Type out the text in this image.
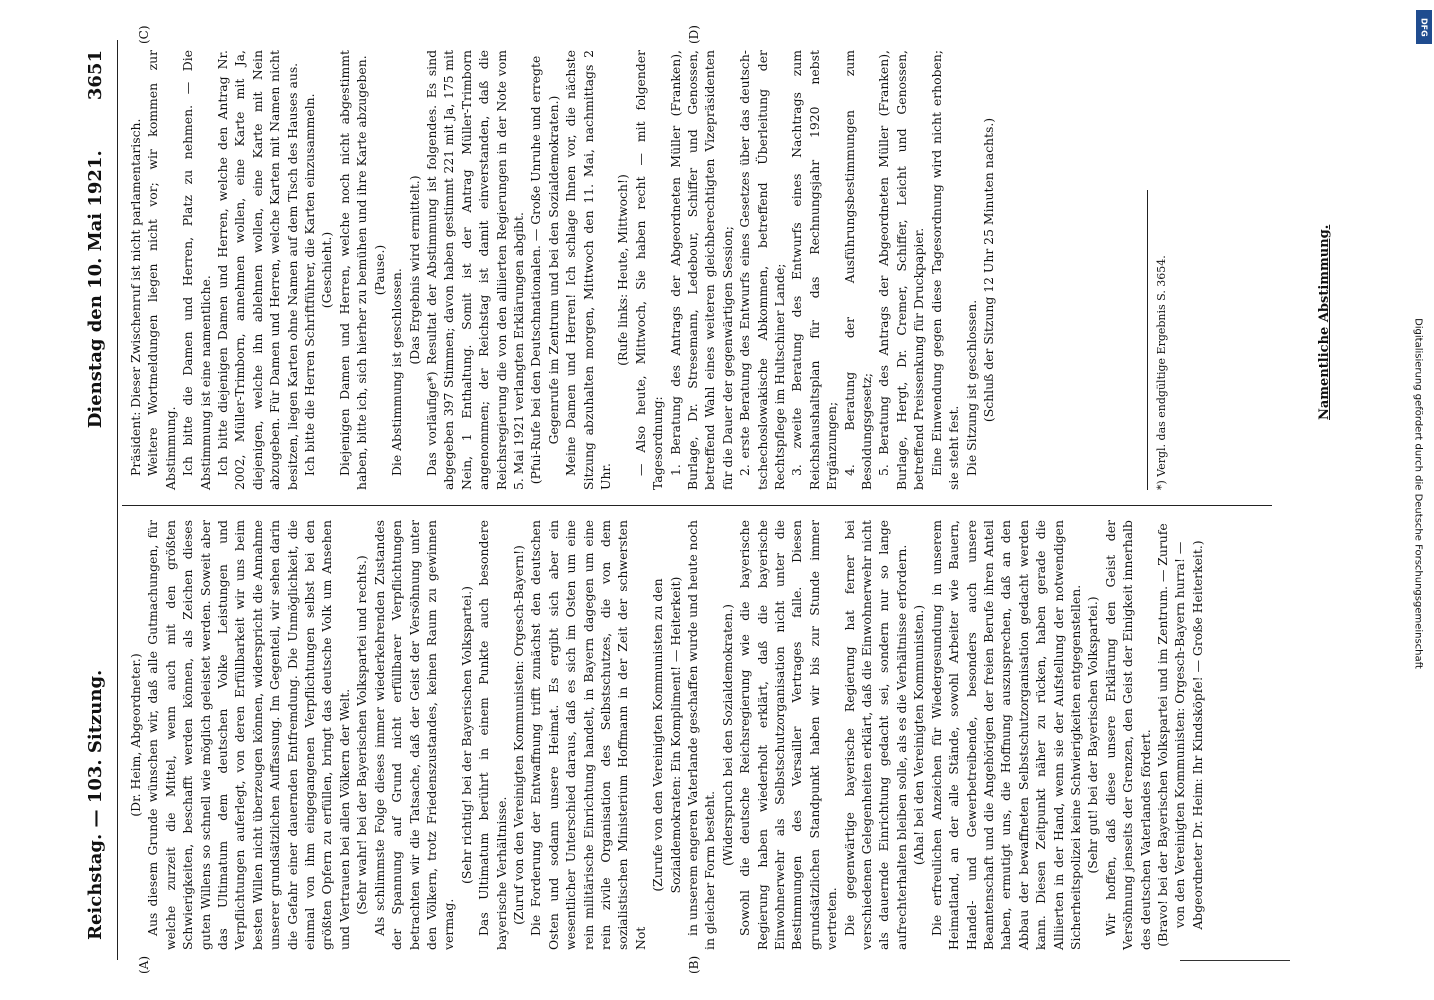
Reichstag. — 103. Sitzung.
Dienstag den 10. Mai 1921.        3651
(A)	(B)
(C)	(D)

(Dr. Heim, Abgeordneter.) Aus diesem Grunde wünschen wir, daß alle Gutmachungen, für welche zurzeit die Mittel, wenn auch mit den größten Schwierigkeiten, beschafft werden können, als Zeichen dieses guten Willens so schnell wie möglich geleistet werden. Soweit aber das Ultimatum dem deutschen Volke Leistungen und Verpflichtungen auferlegt, von deren Erfüllbarkeit wir uns beim besten Willen nicht überzeugen können, widerspricht die Annahme unserer grundsätzlichen Auffassung. Im Gegenteil, wir sehen darin die Gefahr einer dauernden Entfremdung. Die Unmöglichkeit, die einmal von ihm eingegangenen Verpflichtungen selbst bei den größten Opfern zu erfüllen, bringt das deutsche Volk um Ansehen und Vertrauen bei allen Völkern der Welt. (Sehr wahr! bei der Bayerischen Volkspartei und rechts.) Als schlimmste Folge dieses immer wiederkehrenden Zustandes der Spannung auf Grund nicht erfüllbarer Verpflichtungen betrachten wir die Tatsache, daß der Geist der Versöhnung unter den Völkern, trotz Friedenszustandes, keinen Raum zu gewinnen vermag.

(Sehr richtig! bei der Bayerischen Volkspartei.) Das Ultimatum berührt in einem Punkte auch besondere bayerische Verhältnisse. (Zuruf von den Vereinigten Kommunisten: Orgesch-Bayern!) Die Forderung der Entwaffnung trifft zunächst den deutschen Osten und sodann unsere Heimat. Es ergibt sich aber ein wesentlicher Unterschied daraus, daß es sich im Osten um eine rein militärische Einrichtung handelt, in Bayern dagegen um eine rein zivile Organisation des Selbstschutzes, die von dem sozialistischen Ministerium Hoffmann in der Zeit der schwersten Not

(Zurufe von den Vereinigten Kommunisten zu den Sozialdemokraten: Ein Kompliment! — Heiterkeit) in unserem engeren Vaterlande geschaffen wurde und heute noch in gleicher Form besteht.

(Widerspruch bei den Sozialdemokraten.) Sowohl die deutsche Reichsregierung wie die bayerische Regierung haben wiederholt erklärt, daß die bayerische Einwohnerwehr als Selbstschutzorganisation nicht unter die Bestimmungen des Versailler Vertrages falle. Diesen grundsätzlichen Standpunkt haben wir bis zur Stunde immer vertreten. Die gegenwärtige bayerische Regierung hat ferner bei verschiedenen Gelegenheiten erklärt, daß die Einwohnerwehr nicht als dauernde Einrichtung gedacht sei, sondern nur so lange aufrechterhalten bleiben solle, als es die Verhältnisse erfordern. (Aha! bei den Vereinigten Kommunisten.) Die erfreulichen Anzeichen für Wiedergesundung in unserem Heimatland, an der alle Stände, sowohl Arbeiter wie Bauern, Handel- und Gewerbetreibende, besonders auch unsere Beamtenschaft und die Angehörigen der freien Berufe ihren Anteil haben, ermutigt uns, die Hoffnung auszusprechen, daß an den Abbau der bewaffneten Selbstschutzorganisation gedacht werden kann. Diesen Zeitpunkt näher zu rücken, haben gerade die Alliierten in der Hand, wenn sie der Aufstellung der notwendigen Sicherheitspolizei keine Schwierigkeiten entgegenstellen. (Sehr gut! bei der Bayerischen Volkspartei.) Wir hoffen, daß diese unsere Erklärung den Geist der Versöhnung jenseits der Grenzen, den Geist der Einigkeit innerhalb des deutschen Vaterlandes fördert. (Bravo! bei der Bayerischen Volkspartei und im Zentrum. — Zurufe von den Vereinigten Kommunisten: Orgesch-Bayern hurra! — Abgeordneter Dr. Heim: Ihr Kindsköpfe! — Große Heiterkeit.)

Präsident: Dieser Zwischenruf ist nicht parlamentarisch. Weitere Wortmeldungen liegen nicht vor; wir kommen zur Abstimmung. Ich bitte die Damen und Herren, Platz zu nehmen. — Die Abstimmung ist eine namentliche. Ich bitte diejenigen Damen und Herren, welche den Antrag Nr. 2002, Müller-Trimborn, annehmen wollen, eine Karte mit Ja, diejenigen, welche ihn ablehnen wollen, eine Karte mit Nein abzugeben. Für Damen und Herren, welche Karten mit Namen nicht besitzen, liegen Karten ohne Namen auf dem Tisch des Hauses aus. Ich bitte die Herren Schriftführer, die Karten einzusammeln. (Geschieht.) Diejenigen Damen und Herren, welche noch nicht abgestimmt haben, bitte ich, sich hierher zu bemühen und ihre Karte abzugeben. (Pause.) Die Abstimmung ist geschlossen. (Das Ergebnis wird ermittelt.) Das vorläufige*) Resultat der Abstimmung ist folgendes. Es sind abgegeben 397 Stimmen; davon haben gestimmt 221 mit Ja, 175 mit Nein, 1 Enthaltung. Somit ist der Antrag Müller-Trimborn angenommen; der Reichstag ist damit einverstanden, daß die Reichsregierung die von den alliierten Regierungen in der Note vom 5. Mai 1921 verlangten Erklärungen abgibt. (Pfui-Rufe bei den Deutschnationalen. — Große Unruhe und erregte Gegenrufe im Zentrum und bei den Sozialdemokraten.) Meine Damen und Herren! Ich schlage Ihnen vor, die nächste Sitzung abzuhalten morgen, Mittwoch den 11. Mai, nachmittags 2 Uhr.

(Rufe links: Heute, Mittwoch!) — Also heute, Mittwoch, Sie haben recht — mit folgender Tagesordnung: 1. Beratung des Antrags der Abgeordneten Müller (Franken), Burlage, Dr. Stresemann, Ledebour, Schiffer und Genossen, betreffend Wahl eines weiteren gleichberechtigten Vizepräsidenten für die Dauer der gegenwärtigen Session; 2. erste Beratung des Entwurfs eines Gesetzes über das deutsch-tschechoslowakische Abkommen, betreffend Überleitung der Rechtspflege im Hultschiner Lande; 3. zweite Beratung des Entwurfs eines Nachtrags zum Reichshaushaltsplan für das Rechnungsjahr 1920 nebst Ergänzungen; 4. Beratung der Ausführungsbestimmungen zum Besoldungsgesetz; 5. Beratung des Antrags der Abgeordneten Müller (Franken), Burlage, Hergt, Dr. Cremer, Schiffer, Leicht und Genossen, betreffend Preissenkung für Druckpapier. Eine Einwendung gegen diese Tagesordnung wird nicht erhoben; sie steht fest. Die Sitzung ist geschlossen. (Schluß der Sitzung 12 Uhr 25 Minuten nachts.)	*) Vergl. das endgültige Ergebnis S. 3654.	Namentliche Abstimmung.	Digitalisierung gefördert durch die Deutsche Forschungsgemeinschaft
DFG
